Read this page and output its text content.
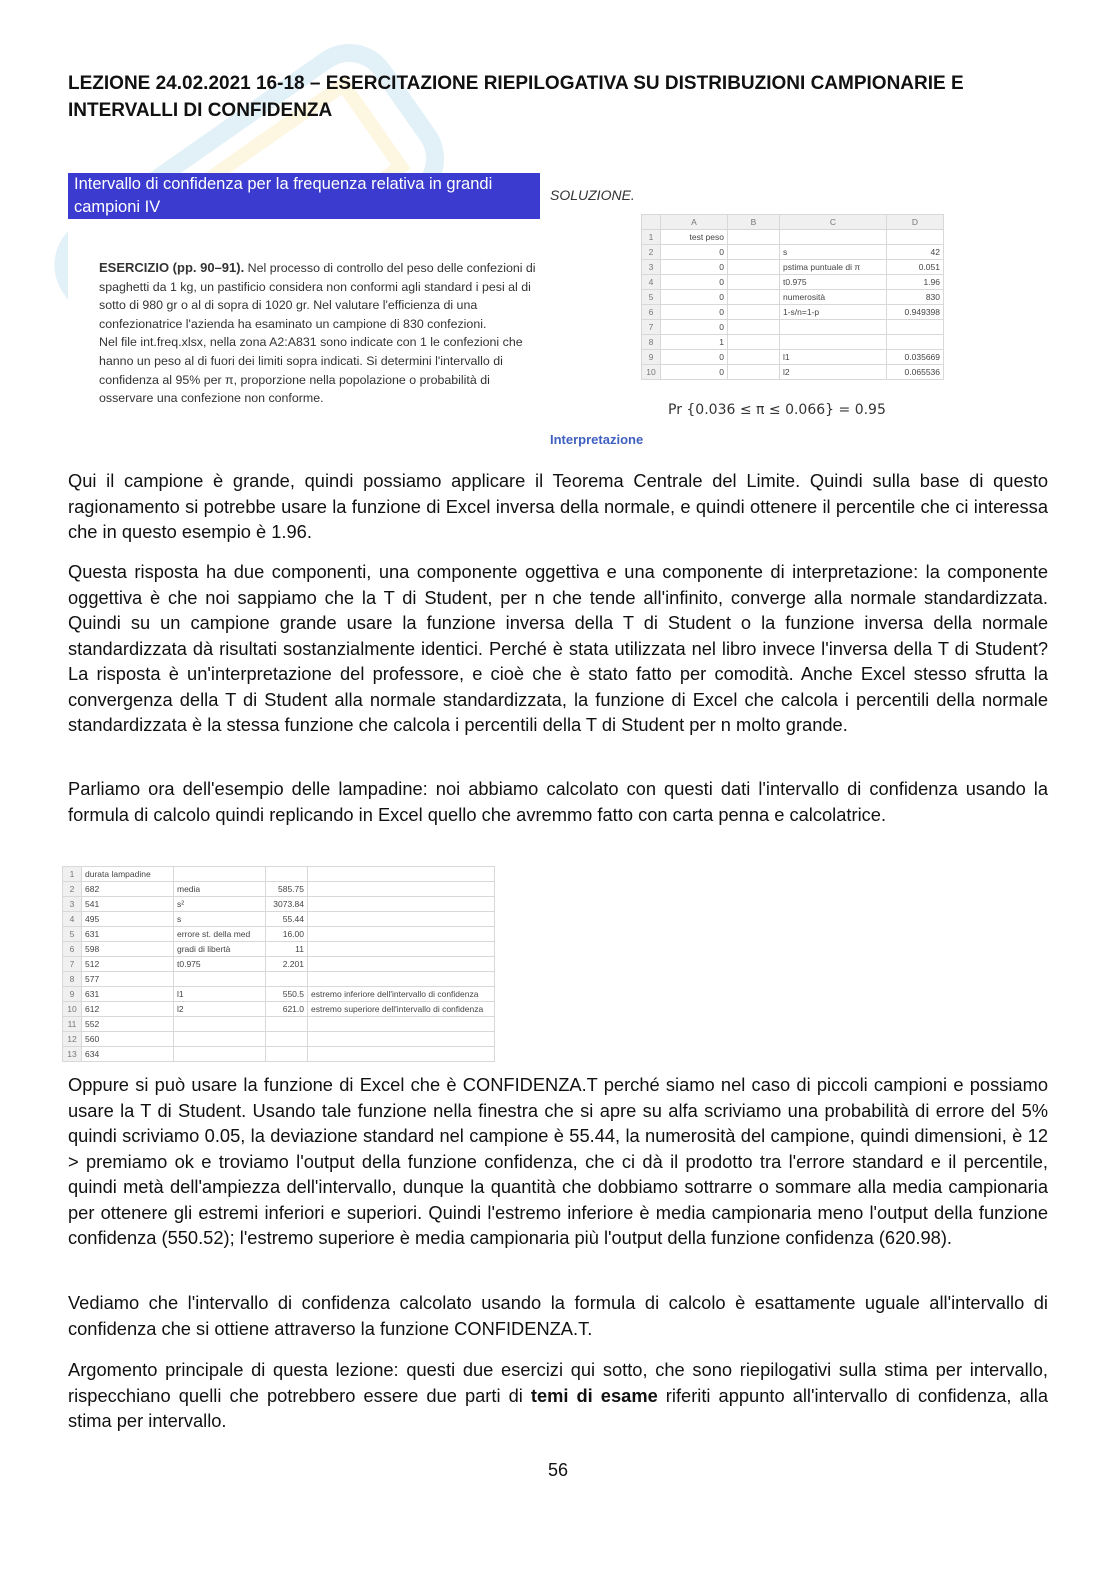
LEZIONE 24.02.2021 16-18 – ESERCITAZIONE RIEPILOGATIVA SU DISTRIBUZIONI CAMPIONARIE E INTERVALLI DI CONFIDENZA
Intervallo di confidenza per la frequenza relativa in grandi campioni IV
ESERCIZIO (pp. 90–91). Nel processo di controllo del peso delle confezioni di spaghetti da 1 kg, un pastificio considera non conformi agli standard i pesi al di sotto di 980 gr o al di sopra di 1020 gr. Nel valutare l'efficienza di una confezionatrice l'azienda ha esaminato un campione di 830 confezioni.
Nel file int.freq.xlsx, nella zona A2:A831 sono indicate con 1 le confezioni che hanno un peso al di fuori dei limiti sopra indicati. Si determini l'intervallo di confidenza al 95% per π, proporzione nella popolazione o probabilità di osservare una confezione non conforme.
SOLUZIONE.
	A	B	C	D
1	test peso			
2	0		s	42
3	0		pstima puntuale di π	0.051
4	0		t0.975	1.96
5	0		numerosità	830
6	0		1-s/n=1-p	0.949398
7	0			
8	1			
9	0		l1	0.035669
10	0		l2	0.065536
Pr {0.036 ≤ π ≤ 0.066} = 0.95
Interpretazione
Qui il campione è grande, quindi possiamo applicare il Teorema Centrale del Limite. Quindi sulla base di questo ragionamento si potrebbe usare la funzione di Excel inversa della normale, e quindi ottenere il percentile che ci interessa che in questo esempio è 1.96.
Questa risposta ha due componenti, una componente oggettiva e una componente di interpretazione: la componente oggettiva è che noi sappiamo che la T di Student, per n che tende all'infinito, converge alla normale standardizzata. Quindi su un campione grande usare la funzione inversa della T di Student o la funzione inversa della normale standardizzata dà risultati sostanzialmente identici. Perché è stata utilizzata nel libro invece l'inversa della T di Student? La risposta è un'interpretazione del professore, e cioè che è stato fatto per comodità. Anche Excel stesso sfrutta la convergenza della T di Student alla normale standardizzata, la funzione di Excel che calcola i percentili della normale standardizzata è la stessa funzione che calcola i percentili della T di Student per n molto grande.
Parliamo ora dell'esempio delle lampadine: noi abbiamo calcolato con questi dati l'intervallo di confidenza usando la formula di calcolo quindi replicando in Excel quello che avremmo fatto con carta penna e calcolatrice.
1	durata lampadine			
2	682	media	585.75	
3	541	s²	3073.84	
4	495	s	55.44	
5	631	errore st. della med	16.00	
6	598	gradi di libertà	11	
7	512	t0.975	2.201	
8	577			
9	631	l1	550.5	estremo inferiore dell'intervallo di confidenza
10	612	l2	621.0	estremo superiore dell'intervallo di confidenza
11	552			
12	560			
13	634			
Oppure si può usare la funzione di Excel che è CONFIDENZA.T perché siamo nel caso di piccoli campioni e possiamo usare la T di Student. Usando tale funzione nella finestra che si apre su alfa scriviamo una probabilità di errore del 5% quindi scriviamo 0.05, la deviazione standard nel campione è 55.44, la numerosità del campione, quindi dimensioni, è 12 > premiamo ok e troviamo l'output della funzione confidenza, che ci dà il prodotto tra l'errore standard e il percentile, quindi metà dell'ampiezza dell'intervallo, dunque la quantità che dobbiamo sottrarre o sommare alla media campionaria per ottenere gli estremi inferiori e superiori. Quindi l'estremo inferiore è media campionaria meno l'output della funzione confidenza (550.52); l'estremo superiore è media campionaria più l'output della funzione confidenza (620.98).
Vediamo che l'intervallo di confidenza calcolato usando la formula di calcolo è esattamente uguale all'intervallo di confidenza che si ottiene attraverso la funzione CONFIDENZA.T.
Argomento principale di questa lezione: questi due esercizi qui sotto, che sono riepilogativi sulla stima per intervallo, rispecchiano quelli che potrebbero essere due parti di temi di esame riferiti appunto all'intervallo di confidenza, alla stima per intervallo.
56
